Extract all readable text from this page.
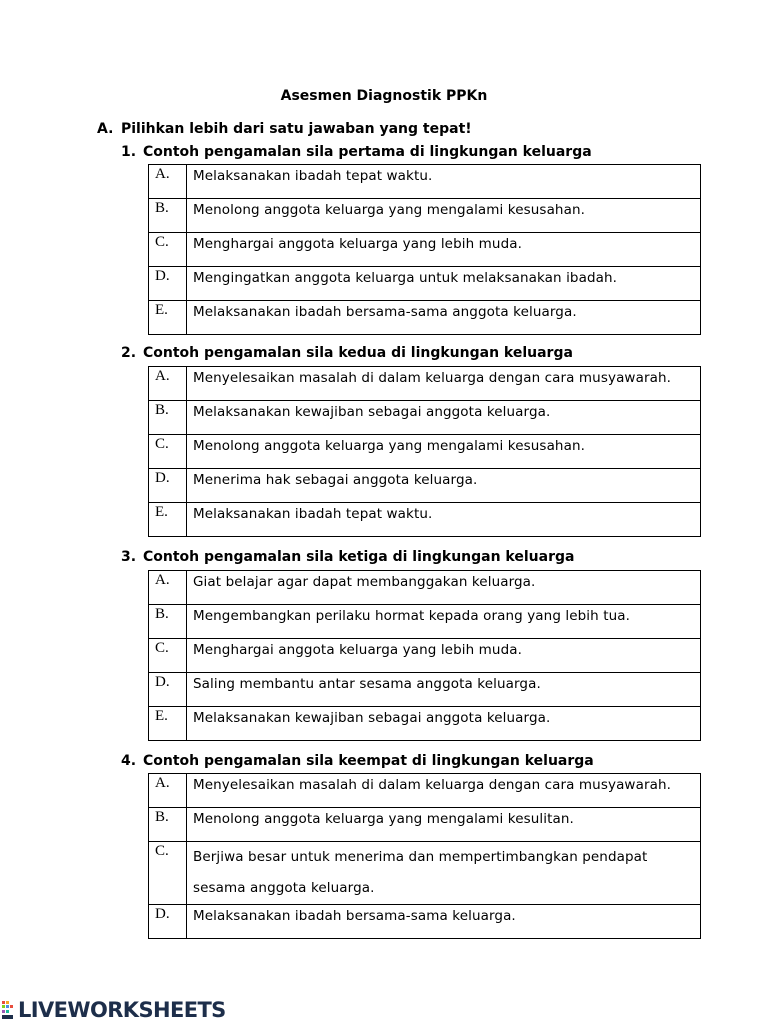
Asesmen Diagnostik PPKn
A. Pilihkan lebih dari satu jawaban yang tepat!
1. Contoh pengamalan sila pertama di lingkungan keluarga
A.	Melaksanakan ibadah tepat waktu.
B.	Menolong anggota keluarga yang mengalami kesusahan.
C.	Menghargai anggota keluarga yang lebih muda.
D.	Mengingatkan anggota keluarga untuk melaksanakan ibadah.
E.	Melaksanakan ibadah bersama-sama anggota keluarga.
2. Contoh pengamalan sila kedua di lingkungan keluarga
A.	Menyelesaikan masalah di dalam keluarga dengan cara musyawarah.
B.	Melaksanakan kewajiban sebagai anggota keluarga.
C.	Menolong anggota keluarga yang mengalami kesusahan.
D.	Menerima hak sebagai anggota keluarga.
E.	Melaksanakan ibadah tepat waktu.
3. Contoh pengamalan sila ketiga di lingkungan keluarga
A.	Giat belajar agar dapat membanggakan keluarga.
B.	Mengembangkan perilaku hormat kepada orang yang lebih tua.
C.	Menghargai anggota keluarga yang lebih muda.
D.	Saling membantu antar sesama anggota keluarga.
E.	Melaksanakan kewajiban sebagai anggota keluarga.
4. Contoh pengamalan sila keempat di lingkungan keluarga
A.	Menyelesaikan masalah di dalam keluarga dengan cara musyawarah.
B.	Menolong anggota keluarga yang mengalami kesulitan.
C.	Berjiwa besar untuk menerima dan mempertimbangkan pendapat
sesama anggota keluarga.
D.	Melaksanakan ibadah bersama-sama keluarga.
LIVEWORKSHEETS
